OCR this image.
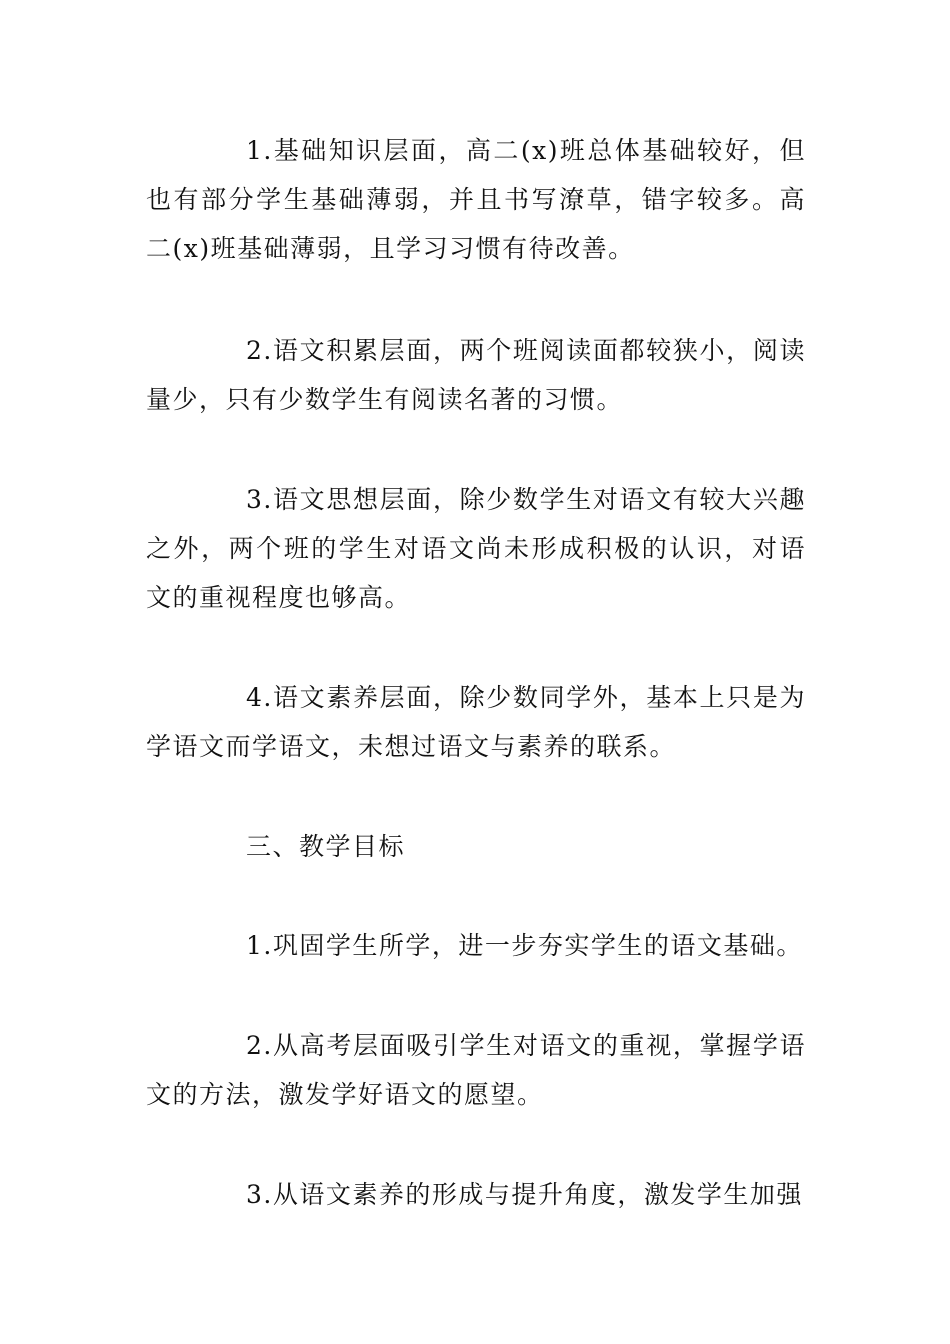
1.基础知识层面，高二(x)班总体基础较好，但也有部分学生基础薄弱，并且书写潦草，错字较多。高二(x)班基础薄弱，且学习习惯有待改善。

2.语文积累层面，两个班阅读面都较狭小，阅读量少，只有少数学生有阅读名著的习惯。

3.语文思想层面，除少数学生对语文有较大兴趣之外，两个班的学生对语文尚未形成积极的认识，对语文的重视程度也够高。

4.语文素养层面，除少数同学外，基本上只是为学语文而学语文，未想过语文与素养的联系。

三、教学目标

1.巩固学生所学，进一步夯实学生的语文基础。

2.从高考层面吸引学生对语文的重视，掌握学语文的方法，激发学好语文的愿望。

3.从语文素养的形成与提升角度，激发学生加强
